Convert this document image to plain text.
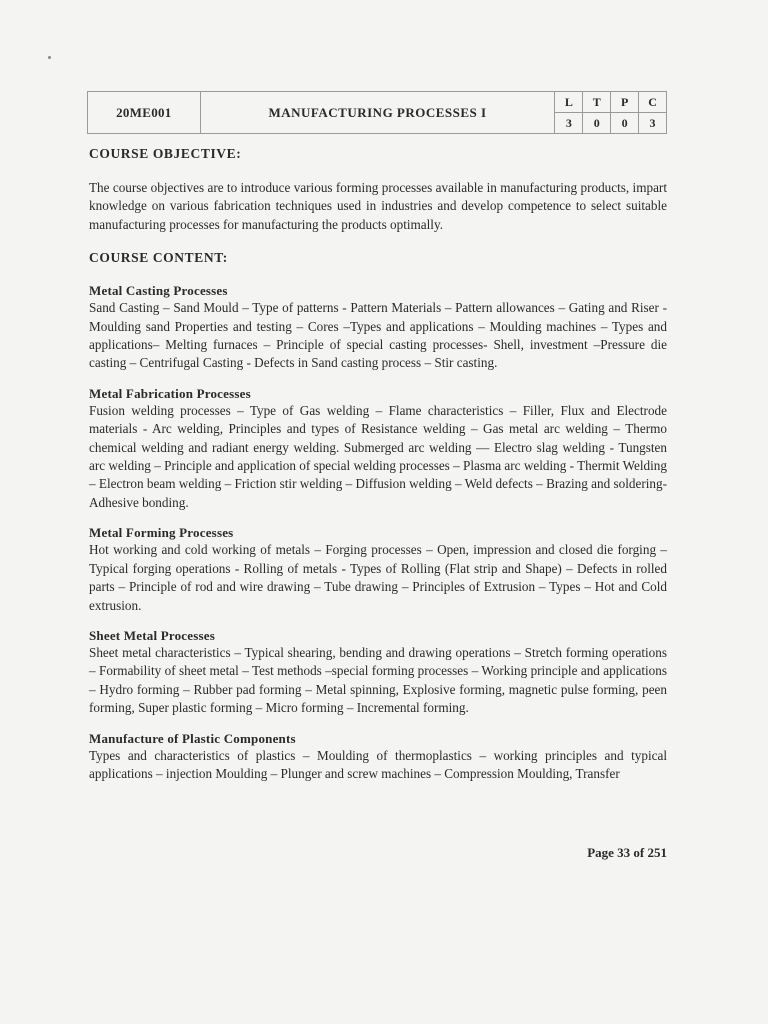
20ME001	MANUFACTURING PROCESSES I	L	T	P	C
		3	0	0	3

COURSE OBJECTIVE:

The course objectives are to introduce various forming processes available in manufacturing products, impart knowledge on various fabrication techniques used in industries and develop competence to select suitable manufacturing processes for manufacturing the products optimally.

COURSE CONTENT:

Metal Casting Processes

Sand Casting – Sand Mould – Type of patterns - Pattern Materials – Pattern allowances – Gating and Riser - Moulding sand Properties and testing – Cores –Types and applications – Moulding machines – Types and applications– Melting furnaces – Principle of special casting processes- Shell, investment –Pressure die casting – Centrifugal Casting - Defects in Sand casting process – Stir casting.

Metal Fabrication Processes

Fusion welding processes – Type of Gas welding – Flame characteristics – Filler, Flux and Electrode materials - Arc welding, Principles and types of Resistance welding – Gas metal arc welding – Thermo chemical welding and radiant energy welding. Submerged arc welding — Electro slag welding - Tungsten arc welding – Principle and application of special welding processes – Plasma arc welding - Thermit Welding – Electron beam welding – Friction stir welding – Diffusion welding – Weld defects – Brazing and soldering- Adhesive bonding.

Metal Forming Processes

Hot working and cold working of metals – Forging processes – Open, impression and closed die forging –Typical forging operations - Rolling of metals - Types of Rolling (Flat strip and Shape) – Defects in rolled parts – Principle of rod and wire drawing – Tube drawing – Principles of Extrusion – Types – Hot and Cold extrusion.

Sheet Metal Processes

Sheet metal characteristics – Typical shearing, bending and drawing operations – Stretch forming operations – Formability of sheet metal – Test methods –special forming processes – Working principle and applications – Hydro forming – Rubber pad forming – Metal spinning, Explosive forming, magnetic pulse forming, peen forming, Super plastic forming – Micro forming – Incremental forming.

Manufacture of Plastic Components

Types and characteristics of plastics – Moulding of thermoplastics – working principles and typical applications – injection Moulding – Plunger and screw machines – Compression Moulding, Transfer

Page 33 of 251
